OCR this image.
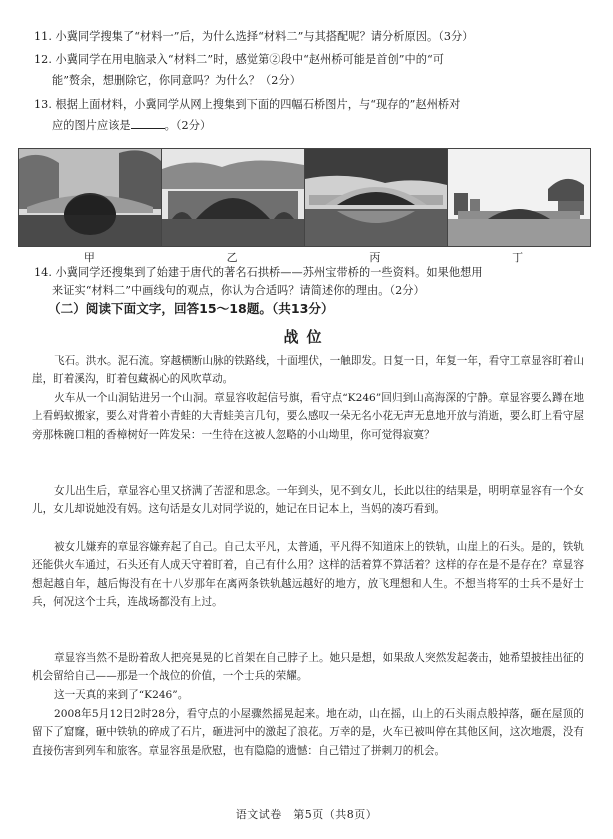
11. 小冀同学搜集了“材料一”后，为什么选择“材料二”与其搭配呢？请分析原因。（3分）
12. 小冀同学在用电脑录入“材料二”时，感觉第②段中“赵州桥可能是首创”中的“可
能”赘余，想删除它，你同意吗？为什么？（2分）
13. 根据上面材料，小冀同学从网上搜集到下面的四幅石桥图片，与“现存的”赵州桥对
应的图片应该是	。（2分）
甲	乙	丙	丁
14. 小冀同学还搜集到了始建于唐代的著名石拱桥——苏州宝带桥的一些资料。如果他想用
来证实“材料二”中画线句的观点，你认为合适吗？请简述你的理由。（2分）
（二）阅读下面文字，回答15～18题。（共13分）
战位
飞石。洪水。泥石流。穿越横断山脉的铁路线，十面埋伏，一触即发。日复一日，年复一年，看守工章显容盯着山崖，盯着溪沟，盯着包藏祸心的风吹草动。
火车从一个山洞钻进另一个山洞。章显容收起信号旗，看守点“K246”回归到山高海深的宁静。章显容要么蹲在地上看蚂蚁搬家，要么对背着小青蛙的大青蛙美言几句，要么感叹一朵无名小花无声无息地开放与消逝，要么盯上看守屋旁那株碗口粗的香樟树好一阵发呆：一生待在这被人忽略的小山坳里，你可觉得寂寞？
女儿出生后，章显容心里又挤满了苦涩和思念。一年到头，见不到女儿，长此以往的结果是，明明章显容有一个女儿，女儿却说她没有妈。这句话是女儿对同学说的，她记在日记本上，当妈的凑巧看到。
被女儿嫌弃的章显容嫌弃起了自己。自己太平凡，太普通，平凡得不知道床上的铁轨，山崖上的石头。是的，铁轨还能供火车通过，石头还有人成天守着盯着，自己有什么用？这样的活着算不算活着？这样的存在是不是存在？章显容想起越自年，越后悔没有在十八岁那年在离两条铁轨越远越好的地方，放飞理想和人生。不想当将军的士兵不是好士兵，何况这个士兵，连战场都没有上过。
章显容当然不是盼着敌人把亮晃晃的匕首架在自己脖子上。她只是想，如果敌人突然发起袭击，她希望披挂出征的机会留给自己——那是一个战位的价值，一个士兵的荣耀。
这一天真的来到了“K246”。
2008年5月12日2时28分，看守点的小屋骤然摇晃起来。地在动，山在摇，山上的石头雨点般掉落，砸在屋顶的留下了窟窿，砸中铁轨的碎成了石片，砸进河中的激起了浪花。万幸的是，火车已被叫停在其他区间，这次地震，没有直接伤害到列车和旅客。章显容虽是欣慰，也有隐隐的遗憾：自己错过了拼刺刀的机会。
语文试卷　第5页（共8页）
